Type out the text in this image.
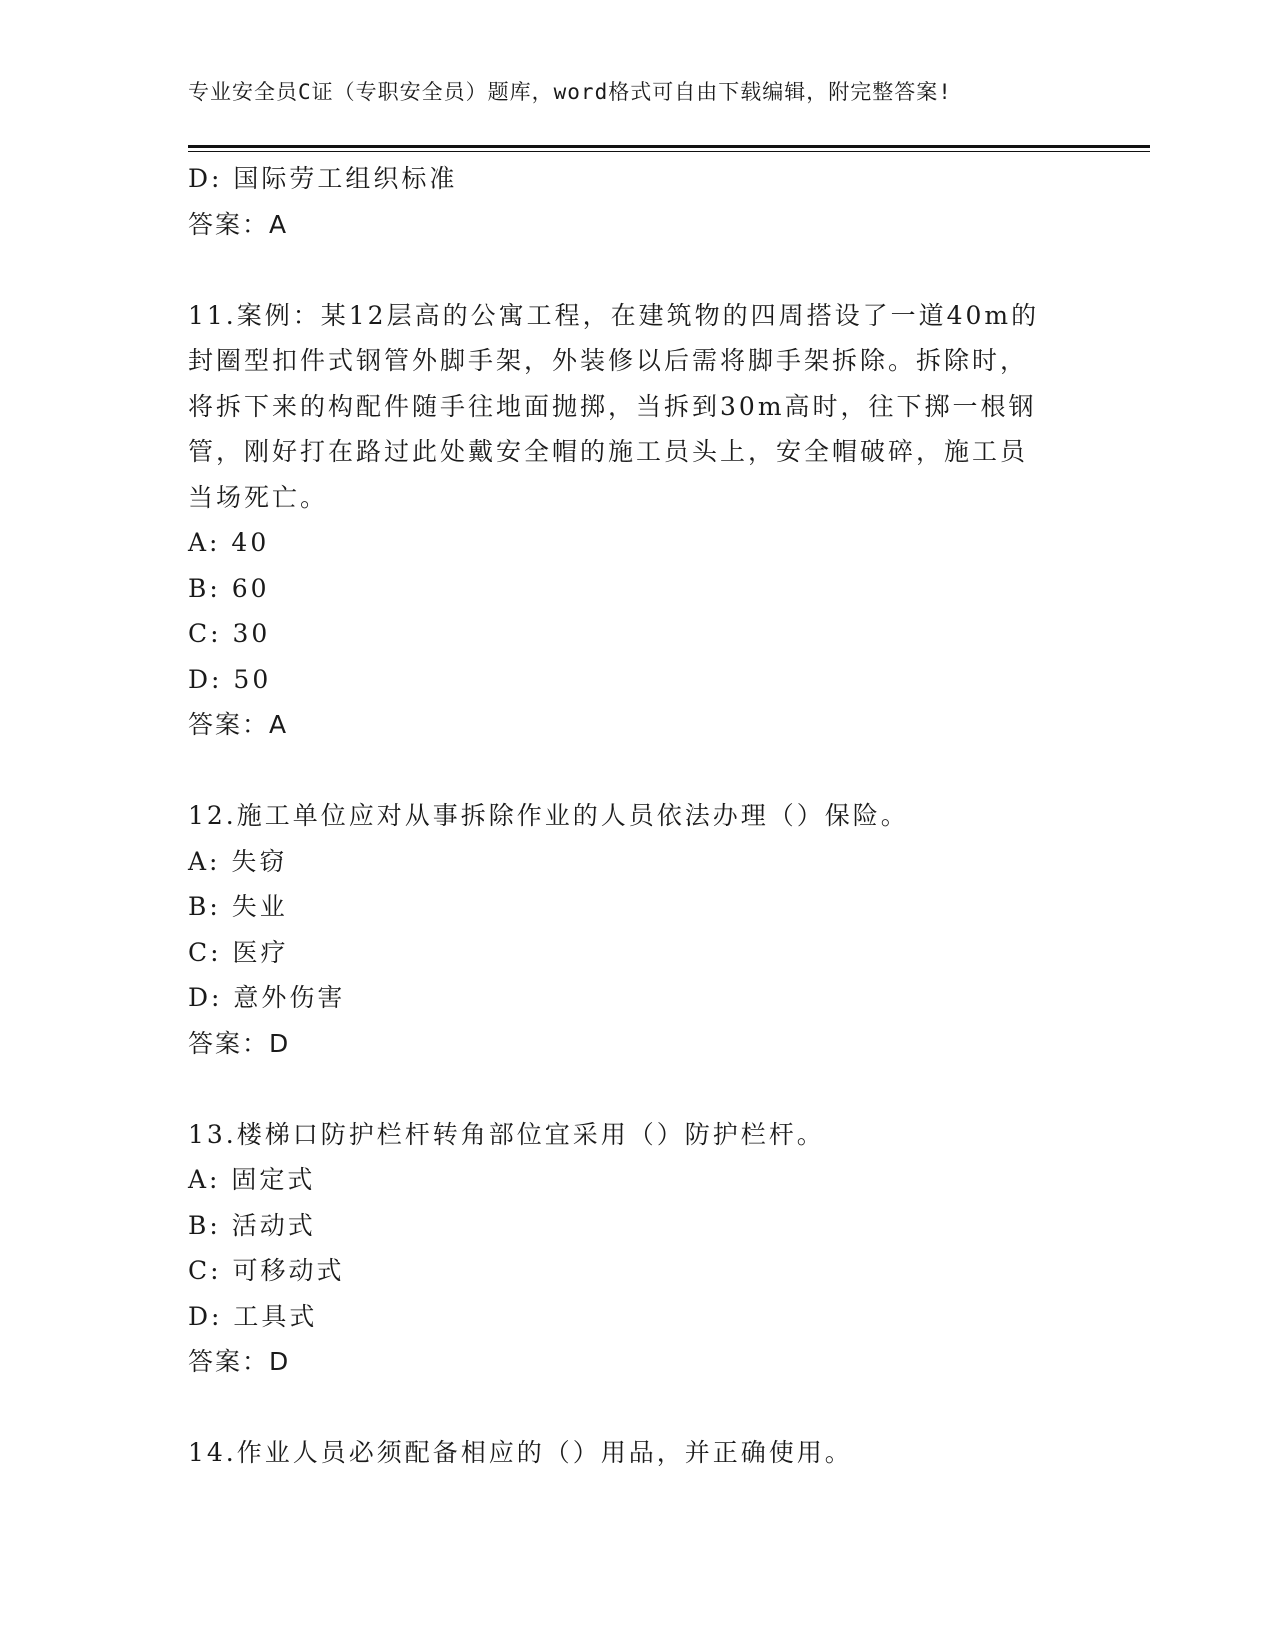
专业安全员C证（专职安全员）题库，word格式可自由下载编辑，附完整答案!
D: 国际劳工组织标准
答案：A
11.案例：某12层高的公寓工程，在建筑物的四周搭设了一道40m的
封圈型扣件式钢管外脚手架，外装修以后需将脚手架拆除。拆除时，
将拆下来的构配件随手往地面抛掷，当拆到30m高时，往下掷一根钢
管，刚好打在路过此处戴安全帽的施工员头上，安全帽破碎，施工员
当场死亡。
A: 40
B: 60
C: 30
D: 50
答案：A
12.施工单位应对从事拆除作业的人员依法办理（）保险。
A: 失窃
B: 失业
C: 医疗
D: 意外伤害
答案：D
13.楼梯口防护栏杆转角部位宜采用（）防护栏杆。
A: 固定式
B: 活动式
C: 可移动式
D: 工具式
答案：D
14.作业人员必须配备相应的（）用品，并正确使用。
